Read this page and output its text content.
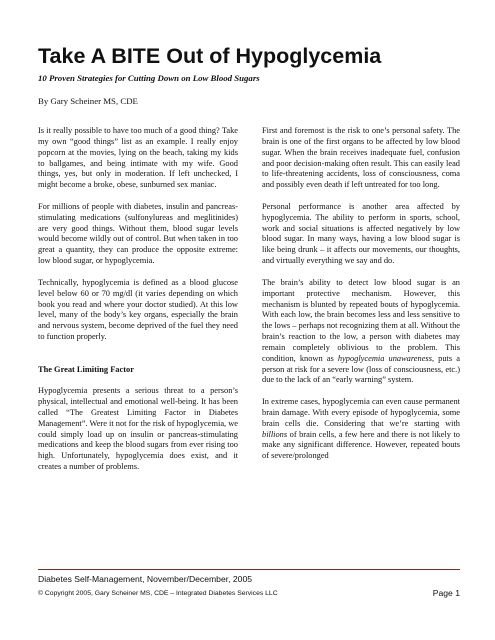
Take A BITE Out of Hypoglycemia
10 Proven Strategies for Cutting Down on Low Blood Sugars
By Gary Scheiner MS, CDE

Is it really possible to have too much of a good thing? Take my own “good things” list as an example. I really enjoy popcorn at the movies, lying on the beach, taking my kids to ballgames, and being intimate with my wife. Good things, yes, but only in moderation. If left unchecked, I might become a broke, obese, sunburned sex maniac.

For millions of people with diabetes, insulin and pancreas-stimulating medications (sulfonylureas and meglitinides) are very good things. Without them, blood sugar levels would become wildly out of control. But when taken in too great a quantity, they can produce the opposite extreme: low blood sugar, or hypoglycemia.

Technically, hypoglycemia is defined as a blood glucose level below 60 or 70 mg/dl (it varies depending on which book you read and where your doctor studied). At this low level, many of the body’s key organs, especially the brain and nervous system, become deprived of the fuel they need to function properly.

The Great Limiting Factor

Hypoglycemia presents a serious threat to a person’s physical, intellectual and emotional well-being. It has been called “The Greatest Limiting Factor in Diabetes Management”. Were it not for the risk of hypoglycemia, we could simply load up on insulin or pancreas-stimulating medications and keep the blood sugars from ever rising too high. Unfortunately, hypoglycemia does exist, and it creates a number of problems.

First and foremost is the risk to one’s personal safety. The brain is one of the first organs to be affected by low blood sugar. When the brain receives inadequate fuel, confusion and poor decision-making often result. This can easily lead to life-threatening accidents, loss of consciousness, coma and possibly even death if left untreated for too long.

Personal performance is another area affected by hypoglycemia. The ability to perform in sports, school, work and social situations is affected negatively by low blood sugar. In many ways, having a low blood sugar is like being drunk – it affects our movements, our thoughts, and virtually everything we say and do.

The brain’s ability to detect low blood sugar is an important protective mechanism. However, this mechanism is blunted by repeated bouts of hypoglycemia. With each low, the brain becomes less and less sensitive to the lows – perhaps not recognizing them at all. Without the brain’s reaction to the low, a person with diabetes may remain completely oblivious to the problem. This condition, known as hypoglycemia unawareness, puts a person at risk for a severe low (loss of consciousness, etc.) due to the lack of an “early warning” system.

In extreme cases, hypoglycemia can even cause permanent brain damage. With every episode of hypoglycemia, some brain cells die. Considering that we’re starting with billions of brain cells, a few here and there is not likely to make any significant difference. However, repeated bouts of severe/prolonged

Diabetes Self-Management, November/December, 2005
© Copyright 2005, Gary Scheiner MS, CDE – Integrated Diabetes Services LLC	Page 1
